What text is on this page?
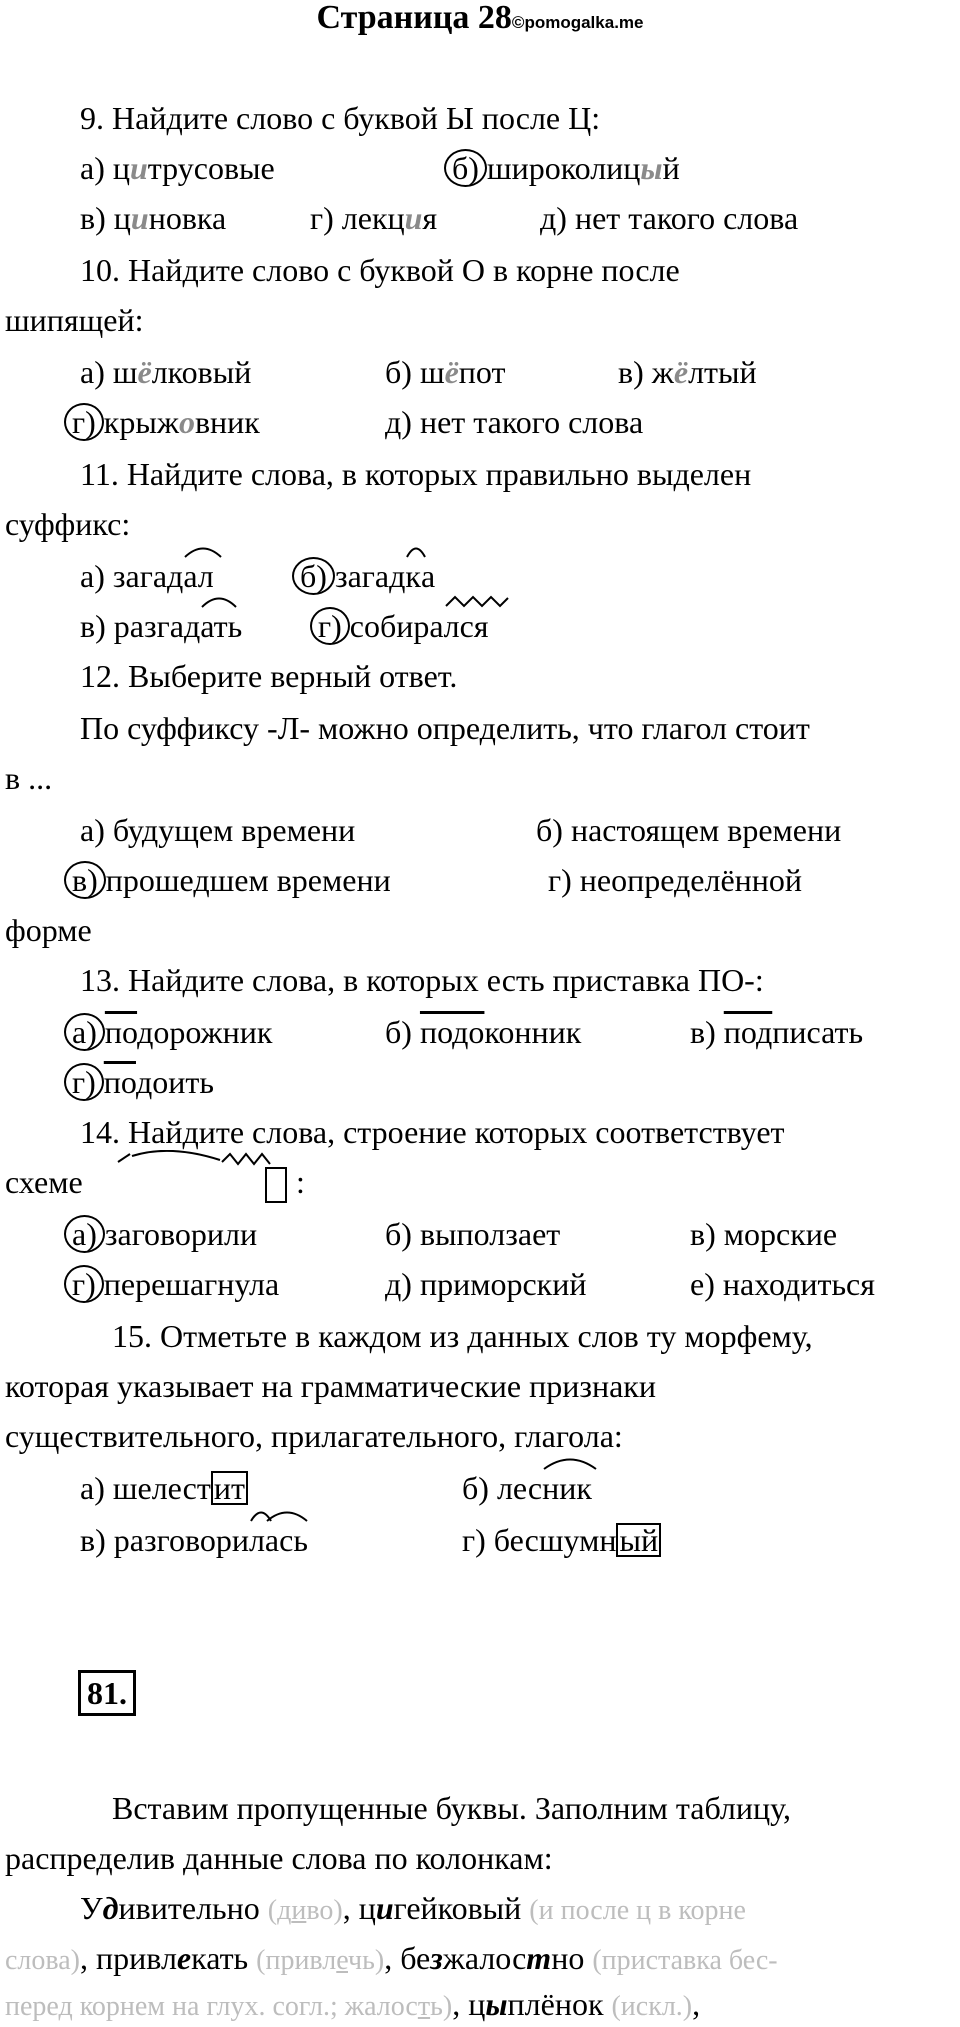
Страница 28©pomogalka.me
9. Найдите слово с буквой Ы после Ц:
а) цитрусовые	б) широколицый
в) циновка	г) лекция	д) нет такого слова
10. Найдите слово с буквой О в корне после
шипящей:
а) шёлковый	б) шёпот	в) жёлтый
г) крыжовник	д) нет такого слова
11. Найдите слова, в которых правильно выделен
суффикс:
а) загадал	б) загадк
а
в) разгадат
ь г) собирался
12. Выберите верный ответ.
По суффиксу -Л- можно определить, что глагол стоит
в ...
а) будущем времени	б) настоящем времени
в) прошедшем времени	г) неопределённой
форме
13. Найдите слова, в которых есть приставка ПО-:
а) подорожник	б) подоконник	в) подписать
г) подоить
14. Найдите слова, строение которых соответствует
схеме	:
а) заговорили	б) выползает	в) морские
г) перешагнула	д) приморский	е) находиться
15. Отметьте в каждом из данных слов ту морфему,
которая указывает на грамматические признаки
существительного, прилагательного, глагола:
а) шелестит	б) лесник
в) разговорил
ась	г) бесшумный
81.
Вставим пропущенные буквы. Заполним таблицу,
распределив данные слова по колонкам:
Удивительно (диво), цигейковый (и после ц в корне
слова), привлекать (привлечь), безжалостно (приставка бес-
перед корнем на глух. согл.; жалость), цыплёнок (искл.),
